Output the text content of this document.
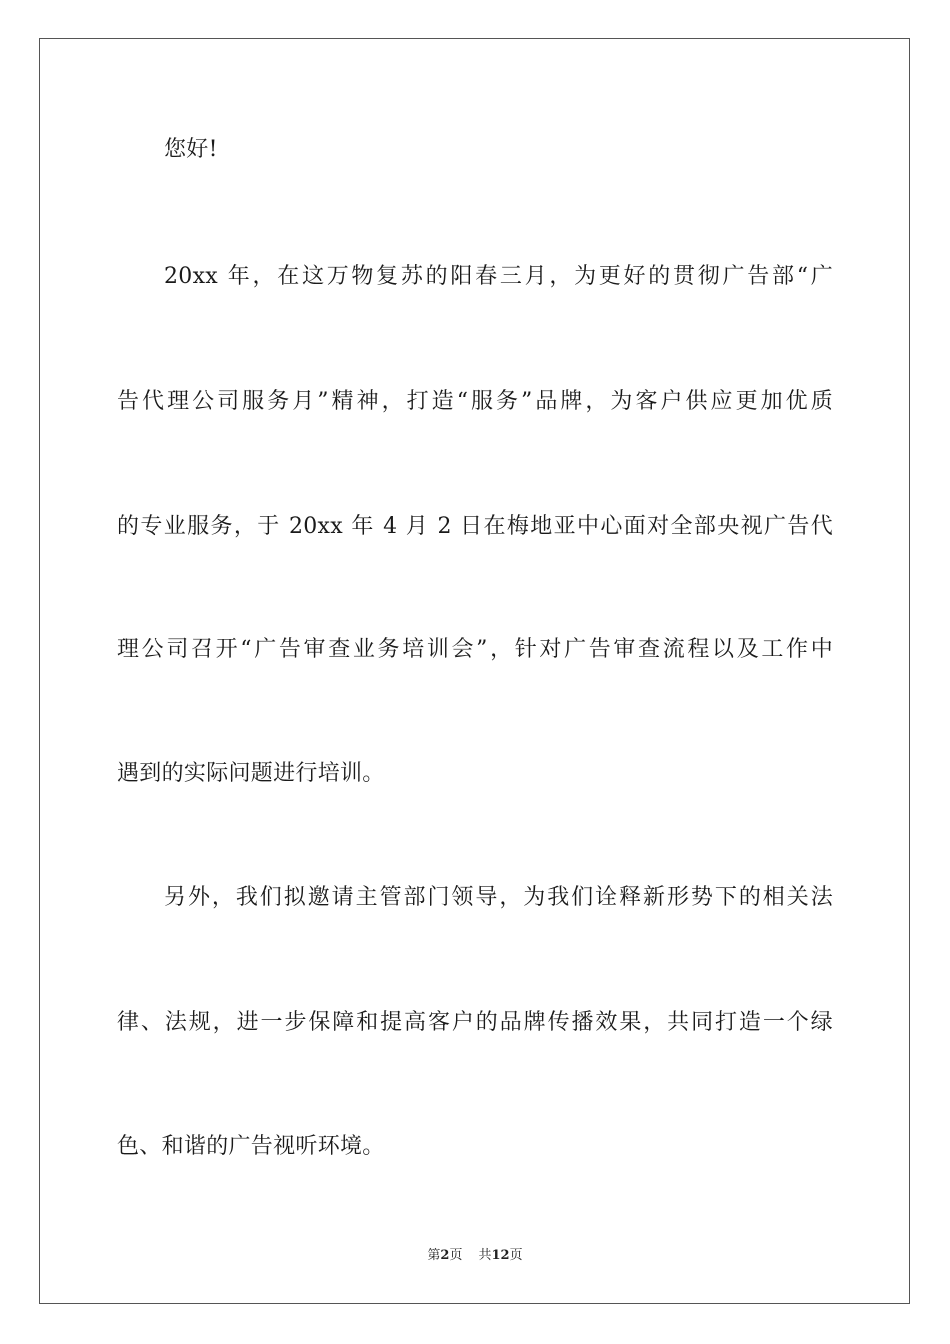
您好!
20xx 年，在这万物复苏的阳春三月，为更好的贯彻广告部“广
告代理公司服务月”精神，打造“服务”品牌，为客户供应更加优质
的专业服务，于 20xx 年 4 月 2 日在梅地亚中心面对全部央视广告代
理公司召开“广告审查业务培训会”，针对广告审查流程以及工作中
遇到的实际问题进行培训。
另外，我们拟邀请主管部门领导，为我们诠释新形势下的相关法
律、法规，进一步保障和提高客户的品牌传播效果，共同打造一个绿
色、和谐的广告视听环境。
第2页 共12页
